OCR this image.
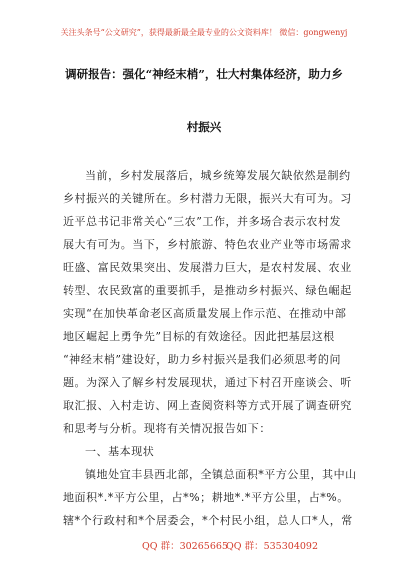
关注头条号“公文研究”，获得最新最全最专业的公文资料库！ 微信：gongwenyj
调研报告：强化“神经末梢”，壮大村集体经济，助力乡
村振兴
当前，乡村发展落后，城乡统筹发展欠缺依然是制约
乡村振兴的关键所在。乡村潜力无限，振兴大有可为。习
近平总书记非常关心“三农”工作，并多场合表示农村发
展大有可为。当下，乡村旅游、特色农业产业等市场需求
旺盛、富民效果突出、发展潜力巨大，是农村发展、农业
转型、农民致富的重要抓手，是推动乡村振兴、绿色崛起
实现“在加快革命老区高质量发展上作示范、在推动中部
地区崛起上勇争先”目标的有效途径。因此把基层这根
“神经末梢”建设好，助力乡村振兴是我们必须思考的问
题。为深入了解乡村发展现状，通过下村召开座谈会、听
取汇报、入村走访、网上查阅资料等方式开展了调查研究
和思考与分析。现将有关情况报告如下：
一、基本现状
镇地处宜丰县西北部，全镇总面积*平方公里，其中山
地面积*.*平方公里，占*%；耕地*.*平方公里，占*%。
辖*个行政村和*个居委会，*个村民小组，总人口*人，常
QQ 群：30265665
QQ 群：535304092
